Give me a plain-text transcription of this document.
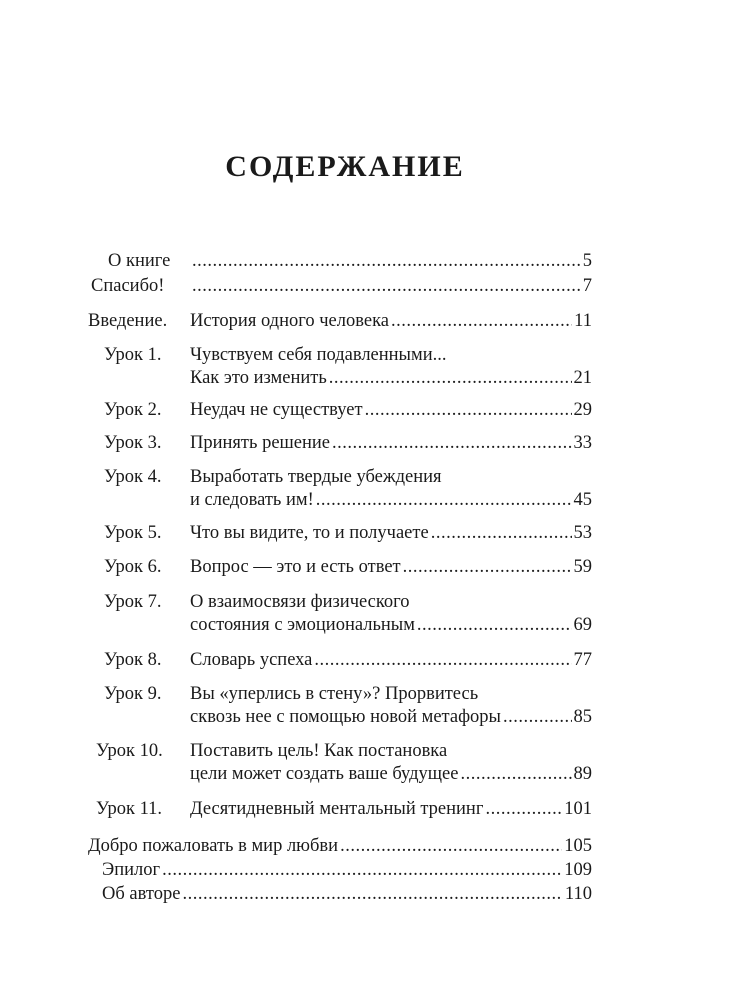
СОДЕРЖАНИЕ
О книге .....	5
Спасибо! .....	7
Введение. История одного человека .....	11
Урок 1. Чувствуем себя подавленными...
Как это изменить .....	21
Урок 2. Неудач не существует .....	29
Урок 3. Принять решение .....	33
Урок 4. Выработать твердые убеждения
и следовать им! .....	45
Урок 5. Что вы видите, то и получаете .....	53
Урок 6. Вопрос — это и есть ответ .....	59
Урок 7. О взаимосвязи физического
состояния с эмоциональным .....	69
Урок 8. Словарь успеха .....	77
Урок 9. Вы «уперлись в стену»? Прорвитесь
сквозь нее с помощью новой метафоры .....	85
Урок 10. Поставить цель! Как постановка
цели может создать ваше будущее .....	89
Урок 11. Десятидневный ментальный тренинг .....	101
Добро пожаловать в мир любви .....	105
Эпилог .....	109
Об авторе .....	110
